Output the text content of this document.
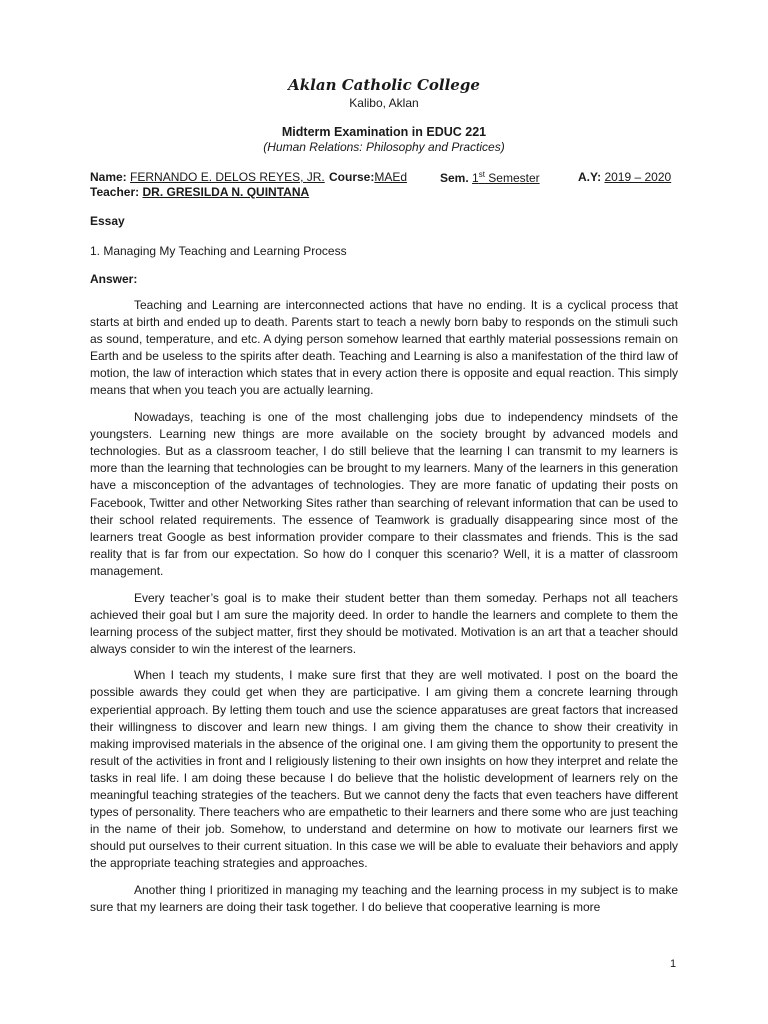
Aklan Catholic College
Kalibo, Aklan
Midterm Examination in EDUC 221
(Human Relations: Philosophy and Practices)
Name: FERNANDO E. DELOS REYES, JR. Course:MAEd	Sem. 1st Semester	A.Y: 2019 – 2020
Teacher: DR. GRESILDA N. QUINTANA
Essay
1. Managing My Teaching and Learning Process
Answer:

Teaching and Learning are interconnected actions that have no ending. It is a cyclical process that starts at birth and ended up to death. Parents start to teach a newly born baby to responds on the stimuli such as sound, temperature, and etc. A dying person somehow learned that earthly material possessions remain on Earth and be useless to the spirits after death. Teaching and Learning is also a manifestation of the third law of motion, the law of interaction which states that in every action there is opposite and equal reaction. This simply means that when you teach you are actually learning.

Nowadays, teaching is one of the most challenging jobs due to independency mindsets of the youngsters. Learning new things are more available on the society brought by advanced models and technologies. But as a classroom teacher, I do still believe that the learning I can transmit to my learners is more than the learning that technologies can be brought to my learners. Many of the learners in this generation have a misconception of the advantages of technologies. They are more fanatic of updating their posts on Facebook, Twitter and other Networking Sites rather than searching of relevant information that can be used to their school related requirements. The essence of Teamwork is gradually disappearing since most of the learners treat Google as best information provider compare to their classmates and friends. This is the sad reality that is far from our expectation. So how do I conquer this scenario? Well, it is a matter of classroom management.

Every teacher’s goal is to make their student better than them someday. Perhaps not all teachers achieved their goal but I am sure the majority deed. In order to handle the learners and complete to them the learning process of the subject matter, first they should be motivated. Motivation is an art that a teacher should always consider to win the interest of the learners.

When I teach my students, I make sure first that they are well motivated. I post on the board the possible awards they could get when they are participative. I am giving them a concrete learning through experiential approach. By letting them touch and use the science apparatuses are great factors that increased their willingness to discover and learn new things. I am giving them the chance to show their creativity in making improvised materials in the absence of the original one. I am giving them the opportunity to present the result of the activities in front and I religiously listening to their own insights on how they interpret and relate the tasks in real life. I am doing these because I do believe that the holistic development of learners rely on the meaningful teaching strategies of the teachers. But we cannot deny the facts that even teachers have different types of personality. There teachers who are empathetic to their learners and there some who are just teaching in the name of their job. Somehow, to understand and determine on how to motivate our learners first we should put ourselves to their current situation. In this case we will be able to evaluate their behaviors and apply the appropriate teaching strategies and approaches.

Another thing I prioritized in managing my teaching and the learning process in my subject is to make sure that my learners are doing their task together. I do believe that cooperative learning is more

1
